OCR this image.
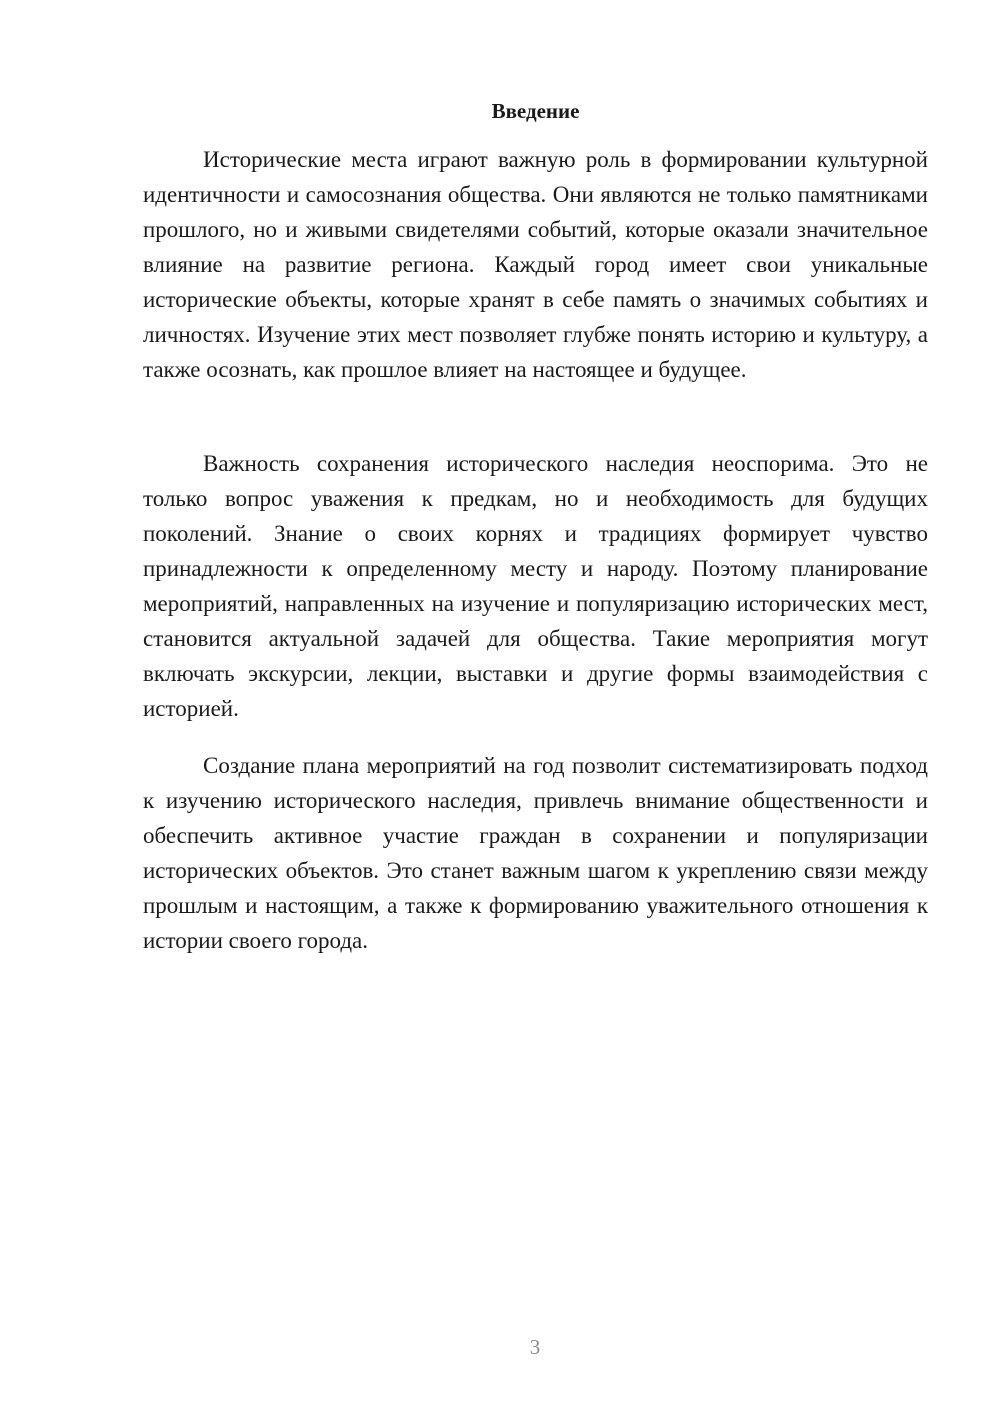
Введение

Исторические места играют важную роль в формировании культурной идентичности и самосознания общества. Они являются не только памятниками прошлого, но и живыми свидетелями событий, которые оказали значительное влияние на развитие региона. Каждый город имеет свои уникальные исторические объекты, которые хранят в себе память о значимых событиях и личностях. Изучение этих мест позволяет глубже понять историю и культуру, а также осознать, как прошлое влияет на настоящее и будущее.

Важность сохранения исторического наследия неоспорима. Это не только вопрос уважения к предкам, но и необходимость для будущих поколений. Знание о своих корнях и традициях формирует чувство принадлежности к определенному месту и народу. Поэтому планирование мероприятий, направленных на изучение и популяризацию исторических мест, становится актуальной задачей для общества. Такие мероприятия могут включать экскурсии, лекции, выставки и другие формы взаимодействия с историей.

Создание плана мероприятий на год позволит систематизировать подход к изучению исторического наследия, привлечь внимание общественности и обеспечить активное участие граждан в сохранении и популяризации исторических объектов. Это станет важным шагом к укреплению связи между прошлым и настоящим, а также к формированию уважительного отношения к истории своего города.

3
